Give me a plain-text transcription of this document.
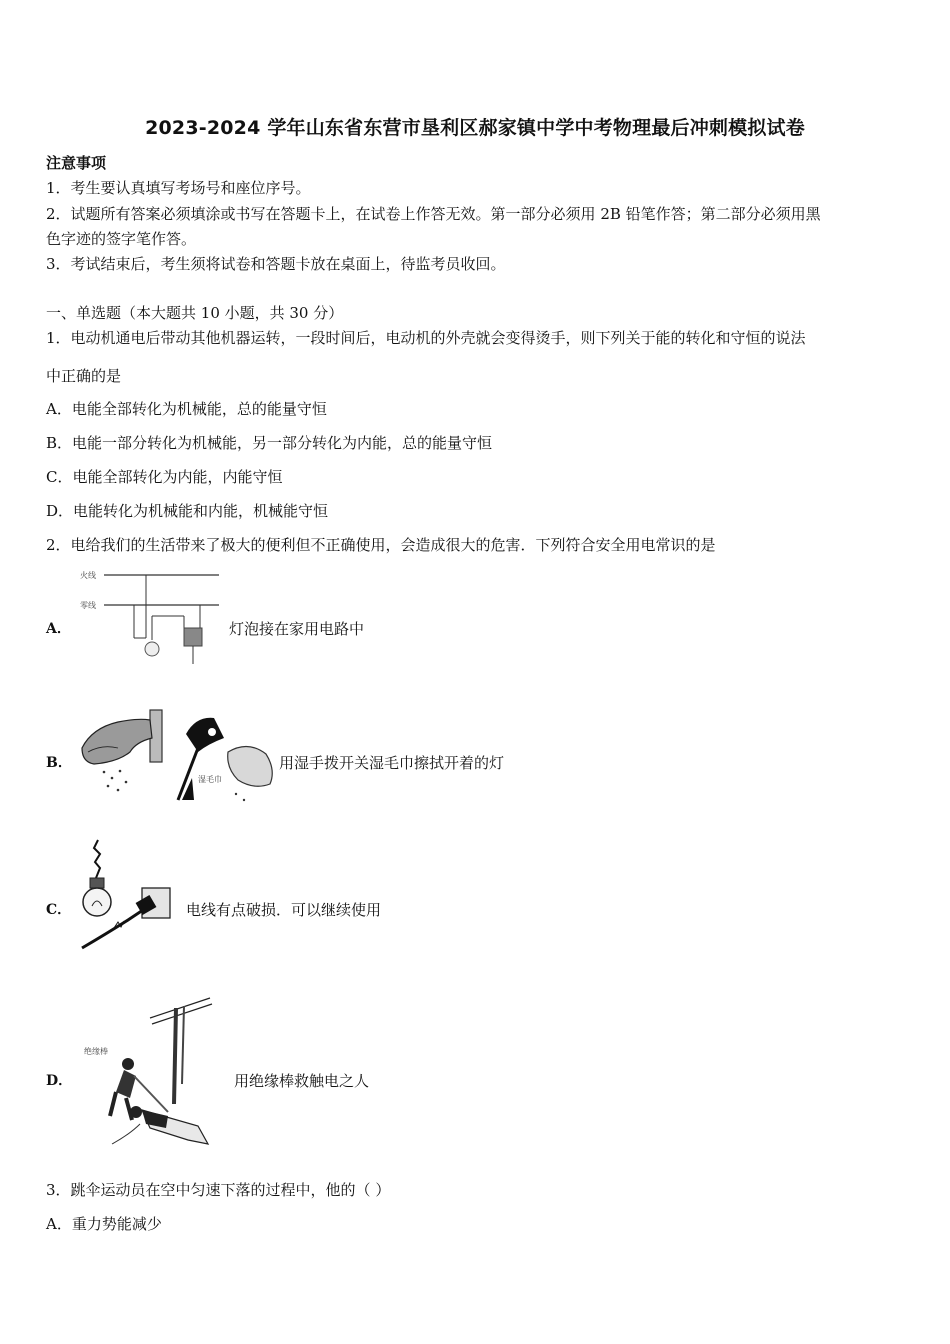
2023-2024 学年山东省东营市垦利区郝家镇中学中考物理最后冲刺模拟试卷
注意事项
1．考生要认真填写考场号和座位序号。
2．试题所有答案必须填涂或书写在答题卡上，在试卷上作答无效。第一部分必须用 2B 铅笔作答；第二部分必须用黑
色字迹的签字笔作答。
3．考试结束后，考生须将试卷和答题卡放在桌面上，待监考员收回。
一、单选题（本大题共 10 小题，共 30 分）
1．电动机通电后带动其他机器运转，一段时间后，电动机的外壳就会变得烫手，则下列关于能的转化和守恒的说法
中正确的是
A．电能全部转化为机械能，总的能量守恒
B．电能一部分转化为机械能，另一部分转化为内能，总的能量守恒
C．电能全部转化为内能，内能守恒
D．电能转化为机械能和内能，机械能守恒
2．电给我们的生活带来了极大的便利但不正确使用，会造成很大的危害．下列符合安全用电常识的是
A．
火线
零线
灯泡接在家用电路中
B．
湿毛巾
用湿手拨开关湿毛巾擦拭开着的灯
C．	电线有点破损．可以继续使用
D．
绝缘棒
用绝缘棒救触电之人
3．跳伞运动员在空中匀速下落的过程中，他的（ ）
A．重力势能减少
